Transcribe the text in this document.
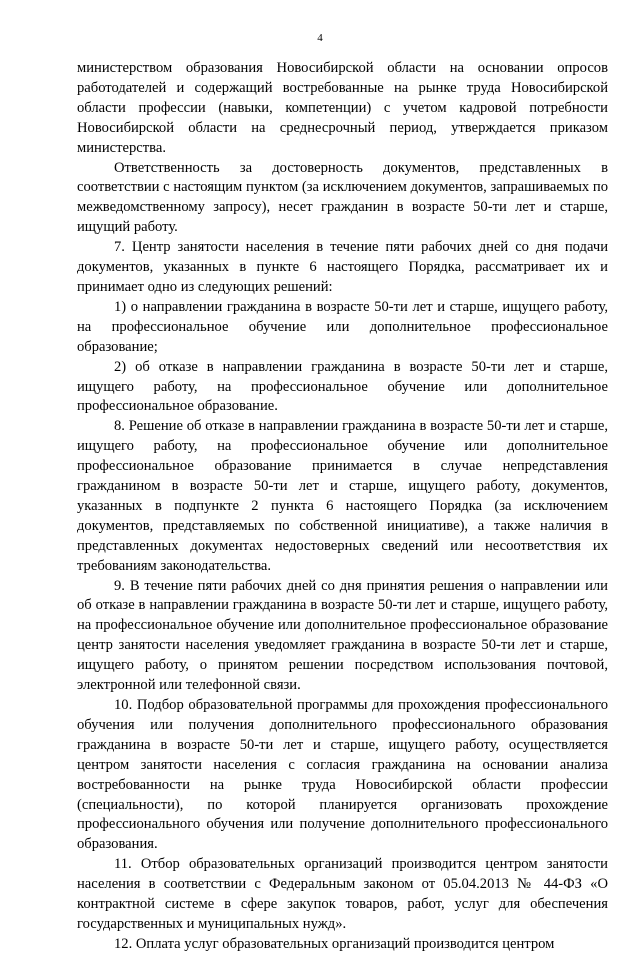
4

министерством образования Новосибирской области на основании опросов работодателей и содержащий востребованные на рынке труда Новосибирской области профессии (навыки, компетенции) с учетом кадровой потребности Новосибирской области на среднесрочный период, утверждается приказом министерства.

Ответственность за достоверность документов, представленных в соответствии с настоящим пунктом (за исключением документов, запрашиваемых по межведомственному запросу), несет гражданин в возрасте 50-ти лет и старше, ищущий работу.

7. Центр занятости населения в течение пяти рабочих дней со дня подачи документов, указанных в пункте 6 настоящего Порядка, рассматривает их и принимает одно из следующих решений:

1) о направлении гражданина в возрасте 50-ти лет и старше, ищущего работу, на профессиональное обучение или дополнительное профессиональное образование;

2) об отказе в направлении гражданина в возрасте 50-ти лет и старше, ищущего работу, на профессиональное обучение или дополнительное профессиональное образование.

8. Решение об отказе в направлении гражданина в возрасте 50-ти лет и старше, ищущего работу, на профессиональное обучение или дополнительное профессиональное образование принимается в случае непредставления гражданином в возрасте 50-ти лет и старше, ищущего работу, документов, указанных в подпункте 2 пункта 6 настоящего Порядка (за исключением документов, представляемых по собственной инициативе), а также наличия в представленных документах недостоверных сведений или несоответствия их требованиям законодательства.

9. В течение пяти рабочих дней со дня принятия решения о направлении или об отказе в направлении гражданина в возрасте 50-ти лет и старше, ищущего работу, на профессиональное обучение или дополнительное профессиональное образование центр занятости населения уведомляет гражданина в возрасте 50-ти лет и старше, ищущего работу, о принятом решении посредством использования почтовой, электронной или телефонной связи.

10. Подбор образовательной программы для прохождения профессионального обучения или получения дополнительного профессионального образования гражданина в возрасте 50-ти лет и старше, ищущего работу, осуществляется центром занятости населения с согласия гражданина на основании анализа востребованности на рынке труда Новосибирской области профессии (специальности), по которой планируется организовать прохождение профессионального обучения или получение дополнительного профессионального образования.

11. Отбор образовательных организаций производится центром занятости населения в соответствии с Федеральным законом от 05.04.2013 № 44-ФЗ «О контрактной системе в сфере закупок товаров, работ, услуг для обеспечения государственных и муниципальных нужд».

12. Оплата услуг образовательных организаций производится центром
